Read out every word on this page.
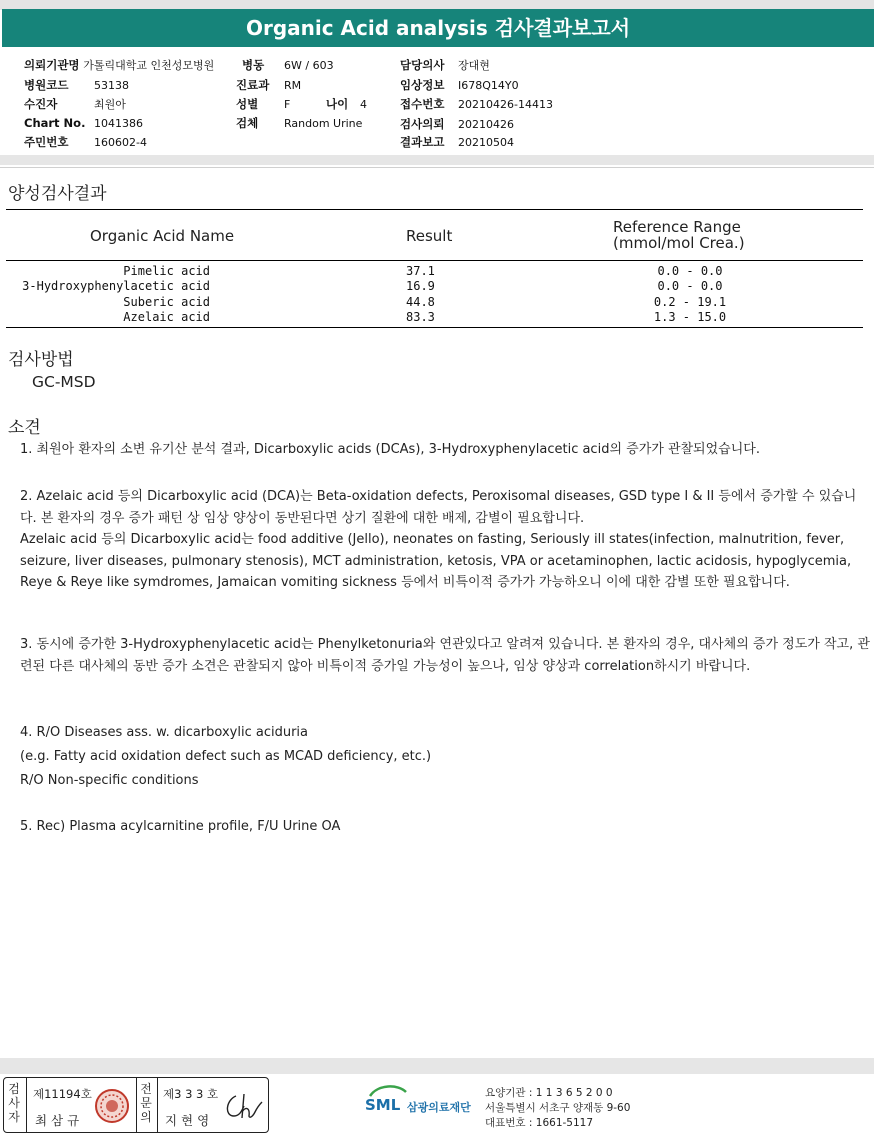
Organic Acid analysis 검사결과보고서
의뢰기관명 가톨릭대학교 인천성모병원
병원코드 53138
수진자	최원아
Chart No. 1041386
주민번호 160602-4
병동 6W / 603
진료과 RM
성별 F	나이 4
검체 Random Urine
담당의사 장대현
임상정보 I678Q14Y0
접수번호 20210426-14413
검사의뢰 20210426
결과보고 20210504
양성검사결과
Organic Acid Name	Result	Reference Range
(mmol/mol Crea.)
Pimelic acid	37.1	0.0 - 0.0
3-Hydroxyphenylacetic acid	16.9	0.0 - 0.0
Suberic acid	44.8	0.2 - 19.1
Azelaic acid	83.3	1.3 - 15.0
검사방법
GC-MSD
소견

1. 최원아 환자의 소변 유기산 분석 결과, Dicarboxylic acids (DCAs), 3-Hydroxyphenylacetic acid의 증가가 관찰되었습니다.

2. Azelaic acid 등의 Dicarboxylic acid (DCA)는 Beta-oxidation defects, Peroxisomal diseases, GSD type I & II 등에서 증가할 수 있습니다. 본 환자의 경우 증가 패턴 상 임상 양상이 동반된다면 상기 질환에 대한 배제, 감별이 필요합니다.

Azelaic acid 등의 Dicarboxylic acid는 food additive (Jello), neonates on fasting, Seriously ill states(infection, malnutrition, fever, seizure, liver diseases, pulmonary stenosis), MCT administration, ketosis, VPA or acetaminophen, lactic acidosis, hypoglycemia, Reye & Reye like symdromes, Jamaican vomiting sickness 등에서 비특이적 증가가 가능하오니 이에 대한 감별 또한 필요합니다.

3. 동시에 증가한 3-Hydroxyphenylacetic acid는 Phenylketonuria와 연관있다고 알려져 있습니다. 본 환자의 경우, 대사체의 증가 정도가 작고, 관련된 다른 대사체의 동반 증가 소견은 관찰되지 않아 비특이적 증가일 가능성이 높으나, 임상 양상과 correlation하시기 바랍니다.

4. R/O Diseases ass. w. dicarboxylic aciduria

(e.g. Fatty acid oxidation defect such as MCAD deficiency, etc.)

R/O Non-specific conditions

5. Rec) Plasma acylcarnitine profile, F/U Urine OA

검
사
자
제11194호
최 삼 규
전
문
의
제3 3 3 호
지 현 영
SML 삼광의료재단
요양기관 : 1 1 3 6 5 2 0 0
서울특별시 서초구 양재동 9-60
대표번호 : 1661-5117
